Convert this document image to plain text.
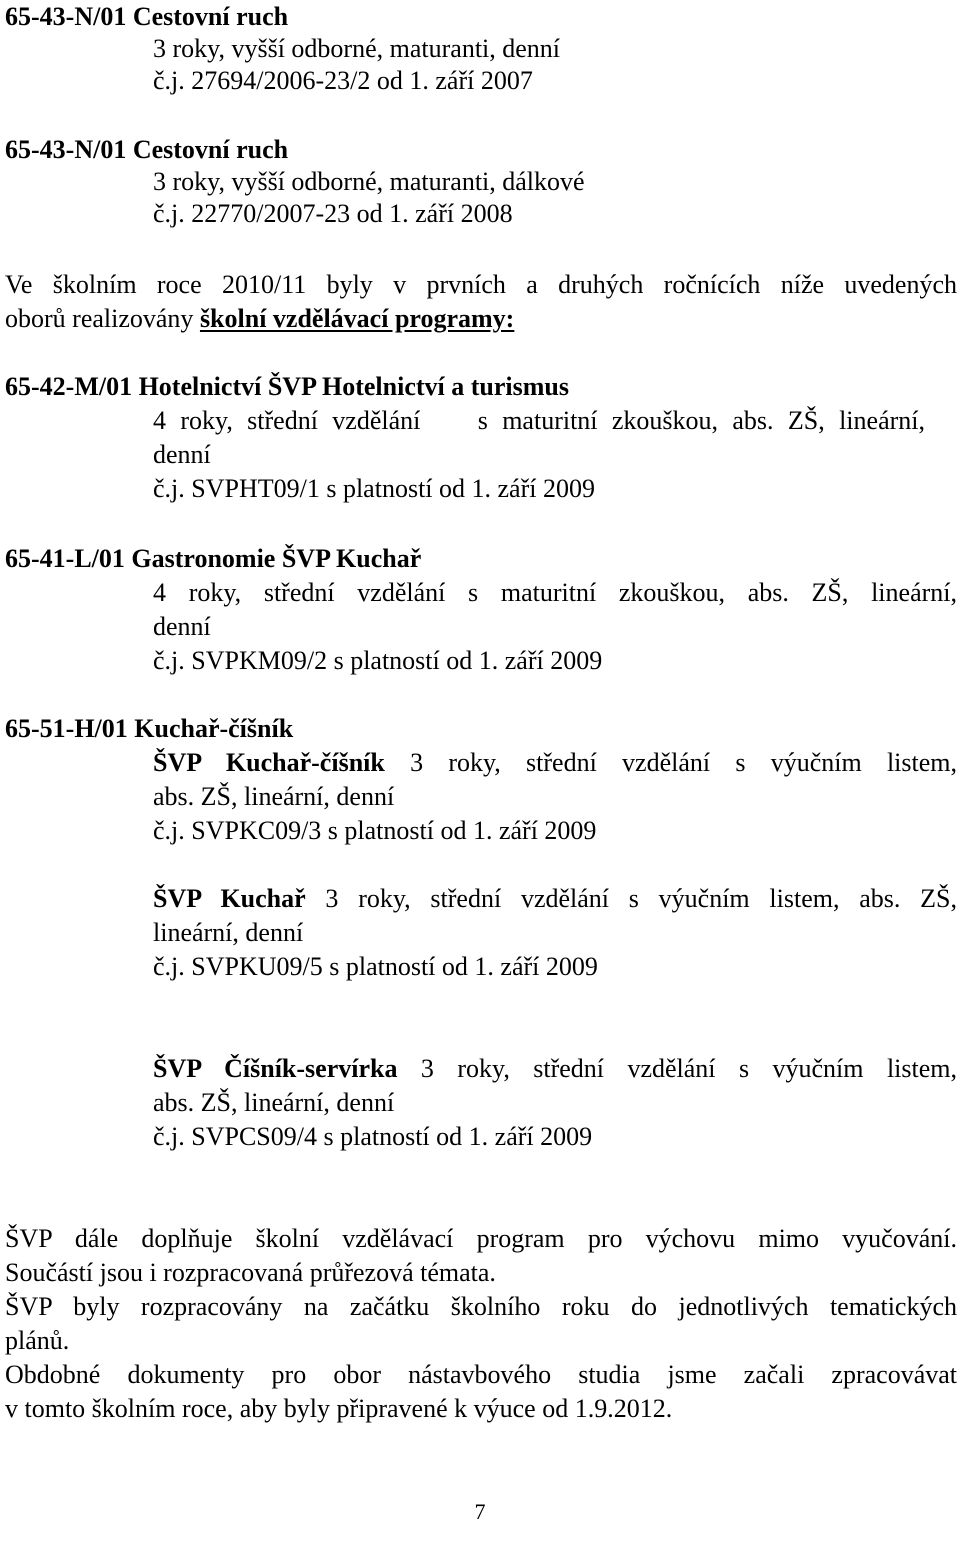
65-43-N/01 Cestovní ruch
3 roky, vyšší odborné, maturanti, denní
č.j. 27694/2006-23/2 od 1. září 2007
65-43-N/01 Cestovní ruch
3 roky, vyšší odborné, maturanti, dálkové
č.j. 22770/2007-23 od 1. září 2008
Ve školním roce 2010/11 byly v prvních a druhých ročnících níže uvedených
oborů realizovány školní vzdělávací programy:
65-42-M/01 Hotelnictví ŠVP Hotelnictví a turismus
4 roky, střední vzdělání    s maturitní zkouškou, abs. ZŠ, lineární,
denní
č.j. SVPHT09/1 s platností od 1. září 2009
65-41-L/01 Gastronomie ŠVP Kuchař
4 roky, střední vzdělání s maturitní zkouškou, abs. ZŠ, lineární,
denní
č.j. SVPKM09/2 s platností od 1. září 2009
65-51-H/01 Kuchař-číšník
ŠVP Kuchař-číšník 3 roky, střední vzdělání s výučním listem,
abs. ZŠ, lineární, denní
č.j. SVPKC09/3 s platností od 1. září 2009
ŠVP Kuchař 3 roky, střední vzdělání s výučním listem, abs. ZŠ,
lineární, denní
č.j. SVPKU09/5 s platností od 1. září 2009
ŠVP Číšník-servírka 3 roky, střední vzdělání s výučním listem,
abs. ZŠ, lineární, denní
č.j. SVPCS09/4 s platností od 1. září 2009
ŠVP dále doplňuje školní vzdělávací program pro výchovu mimo vyučování.
Součástí jsou i rozpracovaná průřezová témata.
ŠVP byly rozpracovány na začátku školního roku do jednotlivých tematických
plánů.
Obdobné dokumenty pro obor nástavbového studia jsme začali zpracovávat
v tomto školním roce, aby byly připravené k výuce od 1.9.2012.
7
